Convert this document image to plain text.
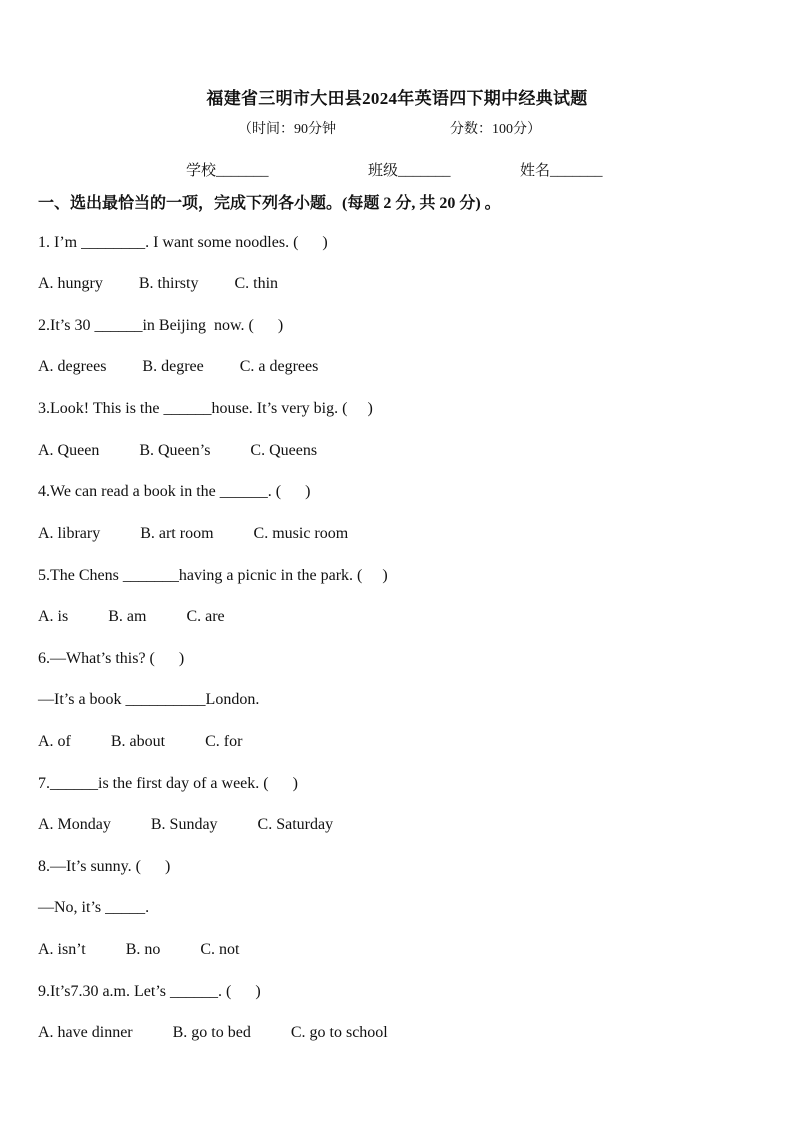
福建省三明市大田县2024年英语四下期中经典试题
（时间：90分钟	分数：100分）
学校_______	班级_______	姓名_______
一、选出最恰当的一项，完成下列各小题。(每题 2 分, 共 20 分) 。
1. I’m ________. I want some noodles. (      )
A. hungry         B. thirsty         C. thin
2.It’s 30 ______in Beijing  now. (      )
A. degrees         B. degree         C. a degrees
3.Look! This is the ______house. It’s very big. (     )
A. Queen          B. Queen’s          C. Queens
4.We can read a book in the ______. (      )
A. library          B. art room          C. music room
5.The Chens _______having a picnic in the park. (     )
A. is          B. am          C. are
6.—What’s this? (      )
—It’s a book __________London.
A. of          B. about          C. for
7.______is the first day of a week. (      )
A. Monday          B. Sunday          C. Saturday
8.—It’s sunny. (      )
—No, it’s _____.
A. isn’t          B. no          C. not
9.It’s7.30 a.m. Let’s ______. (      )
A. have dinner          B. go to bed          C. go to school
